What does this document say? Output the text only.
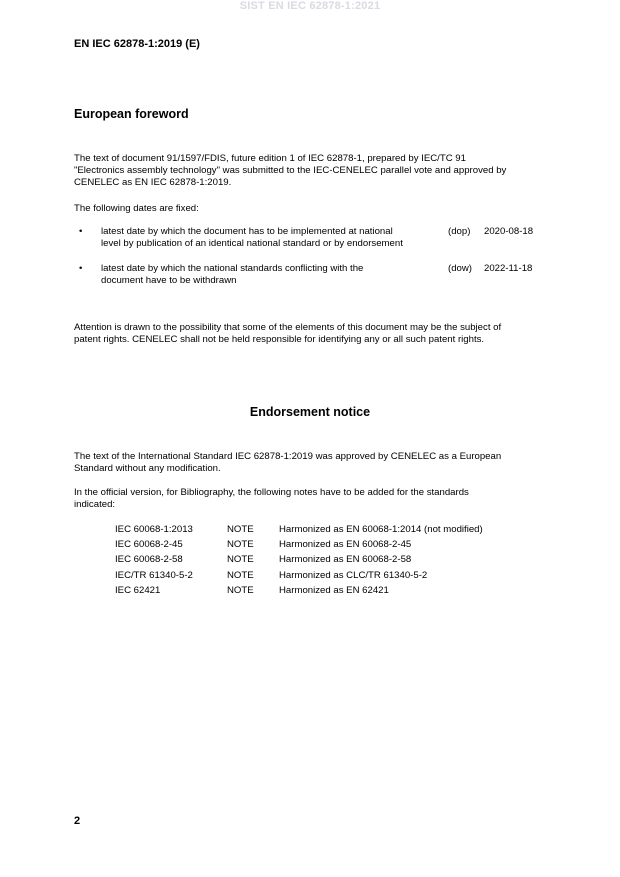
SIST EN IEC 62878-1:2021
EN IEC 62878-1:2019 (E)
European foreword
The text of document 91/1597/FDIS, future edition 1 of IEC 62878-1, prepared by IEC/TC 91
"Electronics assembly technology" was submitted to the IEC-CENELEC parallel vote and approved by
CENELEC as EN IEC 62878-1:2019.
The following dates are fixed:
• latest date by which the document has to be implemented at national
level by publication of an identical national standard or by endorsement
(dop) 2020-08-18
• latest date by which the national standards conflicting with the
document have to be withdrawn
(dow) 2022-11-18
Attention is drawn to the possibility that some of the elements of this document may be the subject of
patent rights. CENELEC shall not be held responsible for identifying any or all such patent rights.
Endorsement notice
The text of the International Standard IEC 62878-1:2019 was approved by CENELEC as a European
Standard without any modification.
In the official version, for Bibliography, the following notes have to be added for the standards
indicated:
IEC 60068-1:2013	NOTE	Harmonized as EN 60068-1:2014 (not modified)
IEC 60068-2-45	NOTE	Harmonized as EN 60068-2-45
IEC 60068-2-58	NOTE	Harmonized as EN 60068-2-58
IEC/TR 61340-5-2	NOTE	Harmonized as CLC/TR 61340-5-2
IEC 62421	NOTE	Harmonized as EN 62421
2
